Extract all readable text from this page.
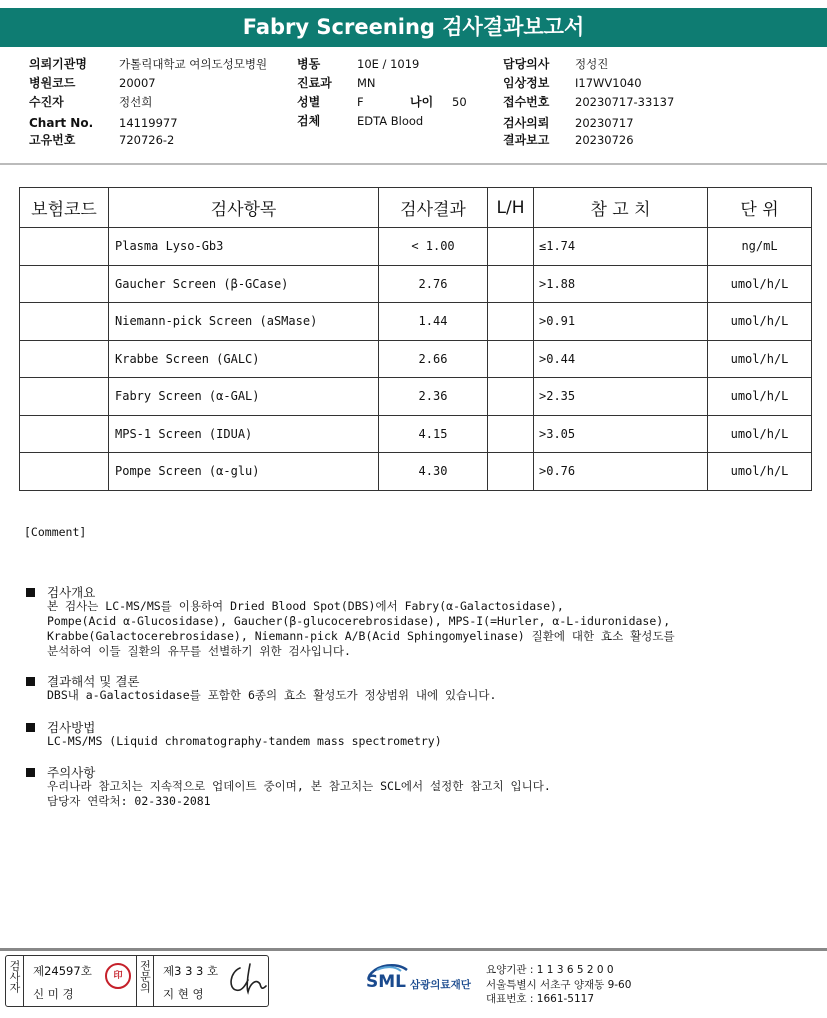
Fabry Screening 검사결과보고서
의뢰기관명	가톨릭대학교 여의도성모병원
병원코드	20007
수진자	정선희
Chart No. 14119977
고유번호	720726-2
병동	10E / 1019
진료과 MN
성별	F	나이 50
검체	EDTA Blood
담당의사 정성진
임상정보 I17WV1040
접수번호 20230717-33137
검사의뢰 20230717
결과보고 20230726
보험코드	검사항목	검사결과	L/H	참 고 치	단 위
	Plasma Lyso-Gb3	< 1.00		≤1.74	ng/mL
	Gaucher Screen (β-GCase)	2.76		>1.88	umol/h/L
	Niemann-pick Screen (aSMase)	1.44		>0.91	umol/h/L
	Krabbe Screen (GALC)	2.66		>0.44	umol/h/L
	Fabry Screen (α-GAL)	2.36		>2.35	umol/h/L
	MPS-1 Screen (IDUA)	4.15		>3.05	umol/h/L
	Pompe Screen (α-glu)	4.30		>0.76	umol/h/L
[Comment]
검사개요
본 검사는 LC-MS/MS를 이용하여 Dried Blood Spot(DBS)에서 Fabry(α-Galactosidase),
Pompe(Acid α-Glucosidase), Gaucher(β-glucocerebrosidase), MPS-I(=Hurler, α-L-iduronidase),
Krabbe(Galactocerebrosidase), Niemann-pick A/B(Acid Sphingomyelinase) 질환에 대한 효소 활성도를
분석하여 이들 질환의 유무를 선별하기 위한 검사입니다.
결과해석 및 결론
DBS내 a-Galactosidase를 포함한 6종의 효소 활성도가 정상범위 내에 있습니다.
검사방법
LC-MS/MS (Liquid chromatography-tandem mass spectrometry)
주의사항
우리나라 참고치는 지속적으로 업데이트 중이며, 본 참고치는 SCL에서 설정한 참고치 입니다.
담당자 연락처: 02-330-2081
검사자 제24597호
신 미 경
印	전문의 제3 3 3 호
지 현 영
SML 삼광의료재단
요양기관 : 1 1 3 6 5 2 0 0
서울특별시 서초구 양재동 9-60
대표번호 : 1661-5117
